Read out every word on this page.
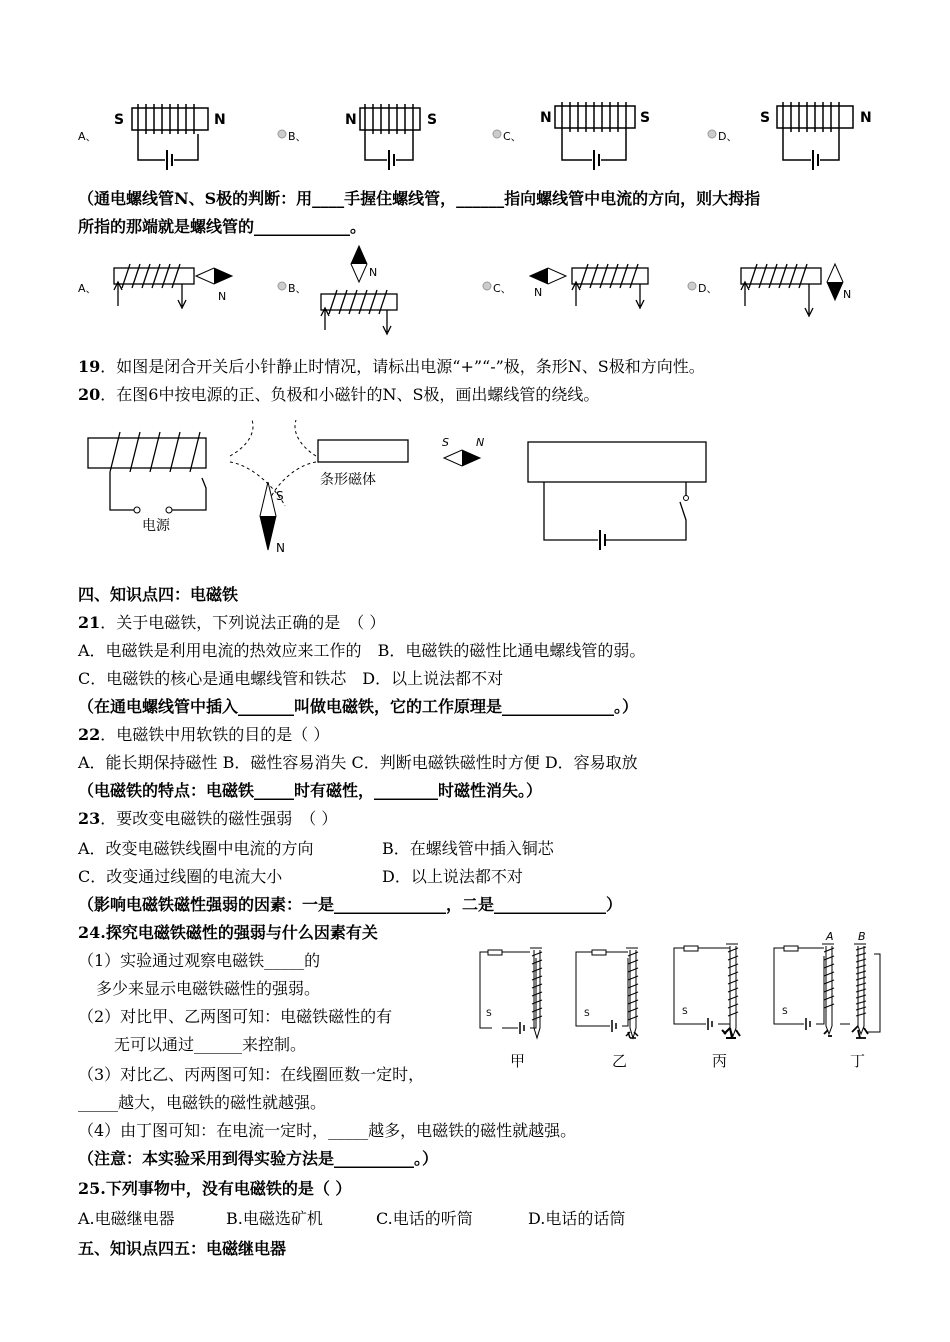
A、
S	N
B、
N	S
C、
N	S
D、
S	N
（通电螺线管N、S极的判断：用____手握住螺线管，______指向螺线管中电流的方向，则大拇指
所指的那端就是螺线管的____________。
A、
N
B、
N
C、 N	D、	N
19．如图是闭合开关后小针静止时情况，请标出电源“+”“-”极，条形N、S极和方向性。
20．在图6中按电源的正、负极和小磁针的N、S极，画出螺线管的绕线。
电源
条形磁体
S
N
S N
四、知识点四：电磁铁
21．关于电磁铁，下列说法正确的是　（ ）
A．电磁铁是利用电流的热效应来工作的　 B．电磁铁的磁性比通电螺线管的弱。
C．电磁铁的核心是通电螺线管和铁芯　D．以上说法都不对
（在通电螺线管中插入_______叫做电磁铁，它的工作原理是______________。）
22．电磁铁中用软铁的目的是（ ）
A．能长期保持磁性 B．磁性容易消失 C．判断电磁铁磁性时方便 D．容易取放
（电磁铁的特点：电磁铁_____时有磁性，________时磁性消失。）
23．要改变电磁铁的磁性强弱　（ ）
A．改变电磁铁线圈中电流的方向	B．在螺线管中插入铜芯
C．改变通过线圈的电流大小	D．以上说法都不对
（影响电磁铁磁性强弱的因素：一是______________，二是______________）
24.探究电磁铁磁性的强弱与什么因素有关
（1）实验通过观察电磁铁_____的
多少来显示电磁铁磁性的强弱。
（2）对比甲、乙两图可知：电磁铁磁性的有
无可以通过______来控制。
（3）对比乙、丙两图可知：在线圈匝数一定时，
_____越大，电磁铁的磁性就越强。
（4）由丁图可知：在电流一定时，_____越多，电磁铁的磁性就越强。
（注意：本实验采用到得实验方法是__________。）
S
甲
S
乙
S
丙
A B
S
丁
25.下列事物中，没有电磁铁的是（ ）
A.电磁继电器	B.电磁选矿机	C.电话的听筒	D.电话的话筒
五、知识点四五：电磁继电器
